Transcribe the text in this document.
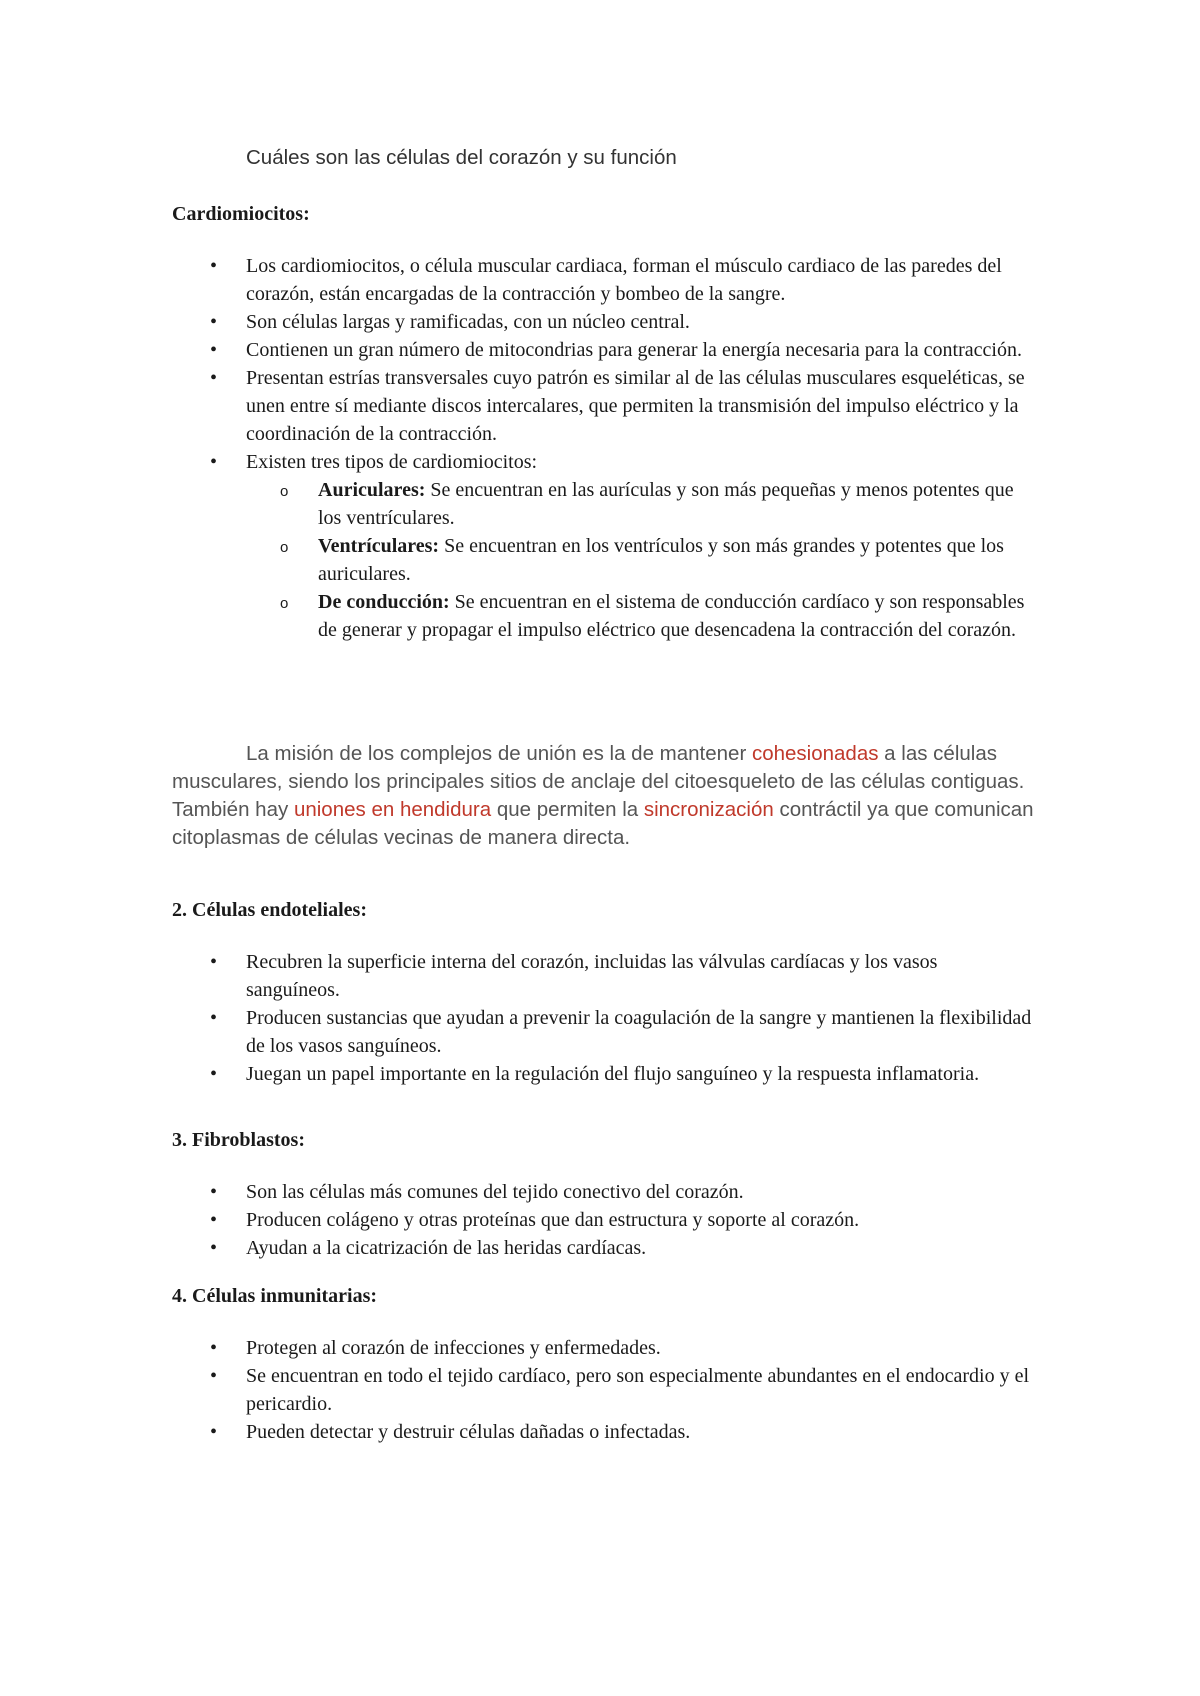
Cuáles son las células del corazón y su función
Cardiomiocitos:
• Los cardiomiocitos, o célula muscular cardiaca, forman el músculo cardiaco de las paredes del corazón, están encargadas de la contracción y bombeo de la sangre.
• Son células largas y ramificadas, con un núcleo central.
• Contienen un gran número de mitocondrias para generar la energía necesaria para la contracción.
• Presentan estrías transversales cuyo patrón es similar al de las células musculares esqueléticas, se unen entre sí mediante discos intercalares, que permiten la transmisión del impulso eléctrico y la coordinación de la contracción.
• Existen tres tipos de cardiomiocitos:
o Auriculares: Se encuentran en las aurículas y son más pequeñas y menos potentes que los ventrículares.
o Ventrículares: Se encuentran en los ventrículos y son más grandes y potentes que los auriculares.
o De conducción: Se encuentran en el sistema de conducción cardíaco y son responsables de generar y propagar el impulso eléctrico que desencadena la contracción del corazón.

La misión de los complejos de unión es la de mantener cohesionadas a las células musculares, siendo los principales sitios de anclaje del citoesqueleto de las células contiguas. También hay uniones en hendidura que permiten la sincronización contráctil ya que comunican citoplasmas de células vecinas de manera directa.

2. Células endoteliales:
• Recubren la superficie interna del corazón, incluidas las válvulas cardíacas y los vasos sanguíneos.
• Producen sustancias que ayudan a prevenir la coagulación de la sangre y mantienen la flexibilidad de los vasos sanguíneos.
• Juegan un papel importante en la regulación del flujo sanguíneo y la respuesta inflamatoria.
3. Fibroblastos:
• Son las células más comunes del tejido conectivo del corazón.
• Producen colágeno y otras proteínas que dan estructura y soporte al corazón.
• Ayudan a la cicatrización de las heridas cardíacas.
4. Células inmunitarias:
• Protegen al corazón de infecciones y enfermedades.
• Se encuentran en todo el tejido cardíaco, pero son especialmente abundantes en el endocardio y el pericardio.
• Pueden detectar y destruir células dañadas o infectadas.
